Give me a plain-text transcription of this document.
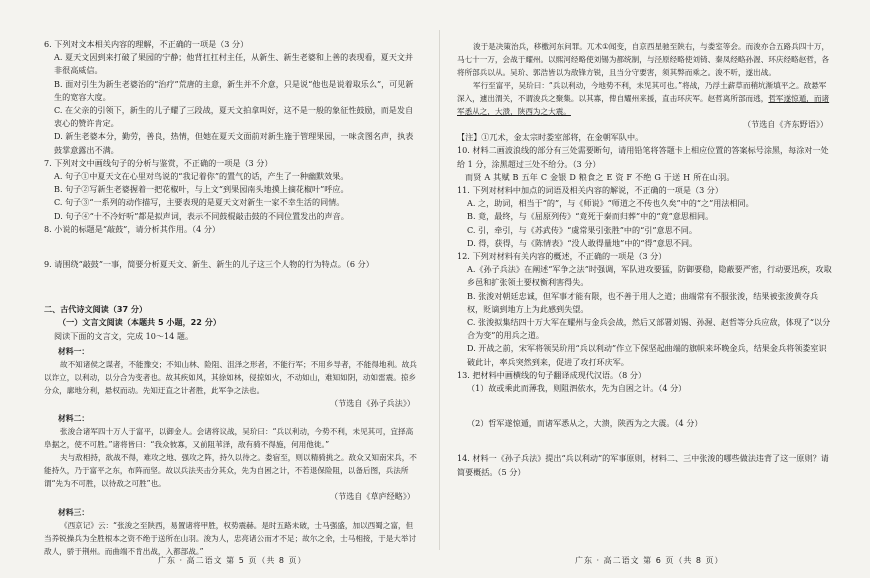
6. 下列对文本相关内容的理解，不正确的一项是（3 分）

A. 夏天文因到来打破了果园的宁静；他背扛扛村主任，从新生、新生老婆和上善的表现看，夏天文并非很高威信。

B. 面对引生为新生老婆治的“治疗”荒唐的主意，新生并不介意，只是说“他也是说着取乐么”，可见新生的宽容大度。

C. 在父亲的引领下，新生的儿子耀了三段战，夏天文拍拿叫好，这不是一般的象征性鼓励，而是发自衷心的赞许肯定。

D. 新生老婆本分，勤劳，善良，热情，但她在夏天文面前对新生施于管理果园，一味贪图名声，执表鼓掌意露出不满。

7. 下列对文中画线句子的分析与鉴赏，不正确的一项是（3 分）

A. 句子①中夏天文在心里对鸟说的“我记着你”的置气的话，产生了一种幽默效果。

B. 句子②写新生老婆握着一把花椒叶，与上文“到果园南头地摸上摘花椒叶”呼应。

C. 句子③“一系列的动作描写，主要表现的是夏天文对新生一家不幸生活的同情。

D. 句子④“十不冷好听”都是拟声词，表示不同鼓棍敲击鼓的不同位置发出的声音。

8. 小说的标题是“敲鼓”，请分析其作用。（4 分）

9. 请围绕“敲鼓”一事，简要分析夏天文、新生、新生的儿子这三个人物的行为特点。（6 分）

二、古代诗文阅读（37 分）

（一）文言文阅读（本题共 5 小题，22 分）

阅读下面的文言文，完成 10～14 题。

材料一：

故不知诸侯之谋者，不能豫交；不知山林、险阻、沮泽之形者，不能行军；不用乡导者，不能得地利。故兵以诈立，以利动，以分合为变者也。故其疾如风，其徐如林，侵掠如火，不动如山，难知如阴，动如雷震。掠乡分众，廓地分利，悬权而动。先知迂直之计者胜，此军争之法也。

（节选自《孙子兵法》）

材料二：

张浚合诸军四十万人于富平，以御金人。会诸将议战，吴玠曰：“兵以利动，今势不利，未见其可，宜择高阜据之，使不可胜。”诸将皆曰：“我众彼寡，又前阻苇泽，敌有骑不得施，何用他徙。”

夫与敌相持，欲战不得，难攻之地、强攻之阵，持久以待之。娄宿至，则以精骑挑之。敌众又知南宋兵，不能持久，乃于富平之东，布阵而坚。故以兵法夹击分其众，先为自困之计，不若退保险阻，以备后图，兵法所谓“先为不可胜，以待敌之可胜”也。

（节选自《草庐经略》）

材料三：

《西京记》云：“张浚之至陕西，易置诸将甲胜，权势震赫。是时五路未破，士马强盛，加以西蜀之富，但当养锐操兵为全胜根本之资不绝于送所在山羽。浚为人，忠亮诸公而才不足；故尔之余，士马相接，于是大举讨敌人，骄于荆州。而曲端不肯出战，入都部战。”

浚于是决策治兵，移檄河东问罪。兀术①闻变，自京西星驰至陕右，与娄室等会。而浚亦合五路兵四十万，马七十一万，会战于耀州。以熙河经略使刘锡为都统制，与泾原经略使刘锜、秦凤经略孙渥、环庆经略赵哲，各将所部兵以从。吴玠、郭浩皆以为敌锋方锐，且当分守要害，须其弊而乘之。浚不听，遂出战。

军行至富平，吴玠曰：“兵以利动，今地势不利，未见其可也。”将战，乃浮土薪草而稍坑渐填平之。敌悬军深入，遽出渭关，不谓浚兵之聚集。以其寡，俾自耀州来援，直击环庆军。赵哲离所部而逃，哲军遂惊遁，而诸军悉从之，大溃，陕西为之大震。

（节选自《齐东野语》）

【注】①兀术，金太宗时娄室部将，在金朝军队中。

10. 材料二画波浪线的部分有三处需要断句，请用铅笔将答题卡上相应位置的答案标号涂黑，每涂对一处给 1 分，涂黑超过三处不给分。（3 分）

而贤 A 其赋 B 五年 C 金银 D 粮食之 E 资 F 不绝 G 于送 H 所在山羽。

11. 下列对材料中加点的词语及相关内容的解说，不正确的一项是（3 分）

A. 之，助词，相当于“的”，与《师说》“师道之不传也久矣”中的“之”用法相同。

B. 竟，最终，与《屈原列传》“竟死于秦而归葬”中的“竟”意思相同。

C. 引，牵引，与《苏武传》“虞常果引张胜”中的“引”意思不同。

D. 得，获得，与《陈情表》“没人敢得量地”中的“得”意思不同。

12. 下列对材料有关内容的概述，不正确的一项是（3 分）

A.《孙子兵法》在阐述“军争之法”时强调，军队进攻要猛，防御要稳，隐蔽要严密，行动要迅疾，攻取乡邑和扩张领土要权衡利害得失。

B. 张浚对朝廷忠诚，但军事才能有限，也不善于用人之道；曲端常有不服张浚，结果被张浚黄夺兵权，贬谪到地方上为此感到失望。

C. 张浚拟集结四十万大军在耀州与金兵会战，然后又部署刘锡、孙渥、赵哲等分兵应敌，体现了“以分合为变”的用兵之道。

D. 开战之前，宋军将领吴玠用“兵以利动”作立下保坚起曲端的旗帜来坏晚金兵，结果金兵将领娄室识破此计，率兵突然到来，促进了攻打环庆军。

13. 把材料中画横线的句子翻译成现代汉语。（8 分）

（1）故或乘此而薄我，则阻泗依水，先为自困之计。（4 分）

（2）哲军遂惊遁，而诸军悉从之，大溃，陕西为之大震。（4 分）

14. 材料一《孙子兵法》提出“兵以利动”的军事原则，材料二、三中张浚的哪些做法违背了这一原则？请简要概括。（5 分）

广东 · 高二语文 第 5 页（共 8 页）	广东 · 高二语文 第 6 页（共 8 页）
